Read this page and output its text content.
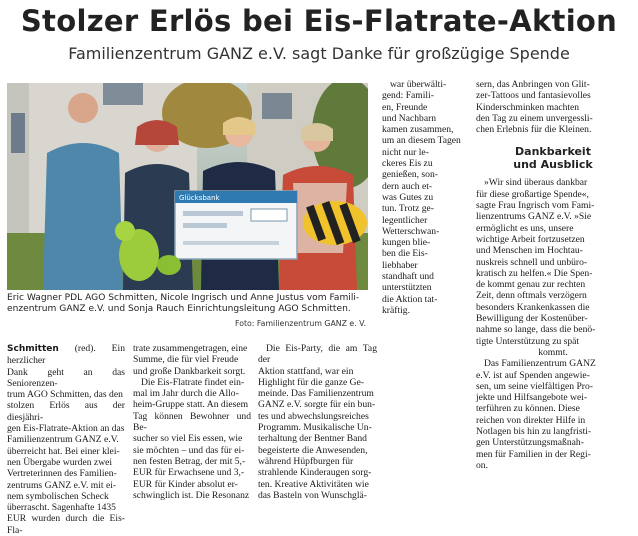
Stolzer Erlös bei Eis-Flatrate-Aktion
Familienzentrum GANZ e.V. sagt Danke für großzügige Spende
Glücksbank
Eric Wagner PDL AGO Schmitten, Nicole Ingrisch und Anne Justus vom Famili-
enzentrum GANZ e.V. und Sonja Rauch Einrichtungsleitung AGO Schmitten.
Foto: Familienzentrum GANZ e. V.

war überwälti-

gend: Famili-

en, Freunde

und Nachbarn

kamen zusammen,

um an diesem Tagen

nicht nur le-

ckeres Eis zu

genießen, son-

dern auch et-

was Gutes zu

tun. Trotz ge-

legentlicher

Wetterschwan-

kungen blie-

ben die Eis-

liebhaber

standhaft und

unterstützten

die Aktion tat-

kräftig.

sern, das Anbringen von Glit-

zer-Tattoos und fantasievolles

Kinderschminken machten

den Tag zu einem unvergessli-

chen Erlebnis für die Kleinen.

Dankbarkeit
und Ausblick

»Wir sind überaus dankbar

für diese großartige Spende«,

sagte Frau Ingrisch vom Fami-

lienzentrums GANZ e.V. »Sie

ermöglicht es uns, unsere

wichtige Arbeit fortzusetzen

und Menschen im Hochtau-

nuskreis schnell und unbüro-

kratisch zu helfen.« Die Spen-

de kommt genau zur rechten

Zeit, denn oftmals verzögern

besonders Krankenkassen die

Bewilligung der Kostenüber-

nahme so lange, dass die benö-

tigte Unterstützung zu spät

kommt.

Das Familienzentrum GANZ

e.V. ist auf Spenden angewie-

sen, um seine vielfältigen Pro-

jekte und Hilfsangebote wei-

terführen zu können. Diese

reichen von direkter Hilfe in

Notlagen bis hin zu langfristi-

gen Unterstützungsmaßnah-

men für Familien in der Regi-

on.

Schmitten (red). Ein herzlicher

Dank geht an das Seniorenzen-

trum AGO Schmitten, das den

stolzen Erlös aus der diesjähri-

gen Eis-Flatrate-Aktion an das

Familienzentrum GANZ e.V.

überreicht hat. Bei einer klei-

nen Übergabe wurden zwei

Vertreterinnen des Familien-

zentrums GANZ e.V. mit ei-

nem symbolischen Scheck

überrascht. Sagenhafte 1435

EUR wurden durch die Eis-Fla-

trate zusammengetragen, eine

Summe, die für viel Freude

und große Dankbarkeit sorgt.

Die Eis-Flatrate findet ein-

mal im Jahr durch die Allo-

heim-Gruppe statt. An diesem

Tag können Bewohner und Be-

sucher so viel Eis essen, wie

sie möchten – und das für ei-

nen festen Betrag, der mit 5,-

EUR für Erwachsene und 3,-

EUR für Kinder absolut er-

schwinglich ist. Die Resonanz

Die Eis-Party, die am Tag der

Aktion stattfand, war ein

Highlight für die ganze Ge-

meinde. Das Familienzentrum

GANZ e.V. sorgte für ein bun-

tes und abwechslungsreiches

Programm. Musikalische Un-

terhaltung der Bentner Band

begeisterte die Anwesenden,

während Hüpfburgen für

strahlende Kinderaugen sorg-

ten. Kreative Aktivitäten wie

das Basteln von Wunschglä-
